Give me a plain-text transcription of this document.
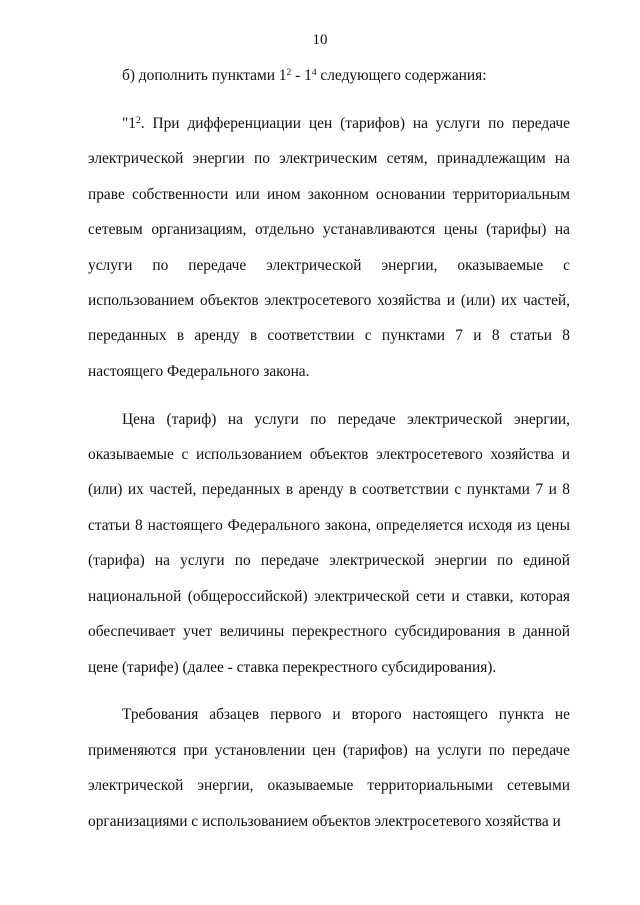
10

б) дополнить пунктами $1^2 - 1^4$ следующего содержания:

"$1^2$. При дифференциации цен (тарифов) на услуги по передаче электрической энергии по электрическим сетям, принадлежащим на праве собственности или ином законном основании территориальным сетевым организациям, отдельно устанавливаются цены (тарифы) на услуги по передаче электрической энергии, оказываемые с использованием объектов электросетевого хозяйства и (или) их частей, переданных в аренду в соответствии с пунктами 7 и 8 статьи 8 настоящего Федерального закона.

Цена (тариф) на услуги по передаче электрической энергии, оказываемые с использованием объектов электросетевого хозяйства и (или) их частей, переданных в аренду в соответствии с пунктами 7 и 8 статьи 8 настоящего Федерального закона, определяется исходя из цены (тарифа) на услуги по передаче электрической энергии по единой национальной (общероссийской) электрической сети и ставки, которая обеспечивает учет величины перекрестного субсидирования в данной цене (тарифе) (далее - ставка перекрестного субсидирования).

Требования абзацев первого и второго настоящего пункта не применяются при установлении цен (тарифов) на услуги по передаче электрической энергии, оказываемые территориальными сетевыми организациями с использованием объектов электросетевого хозяйства и
